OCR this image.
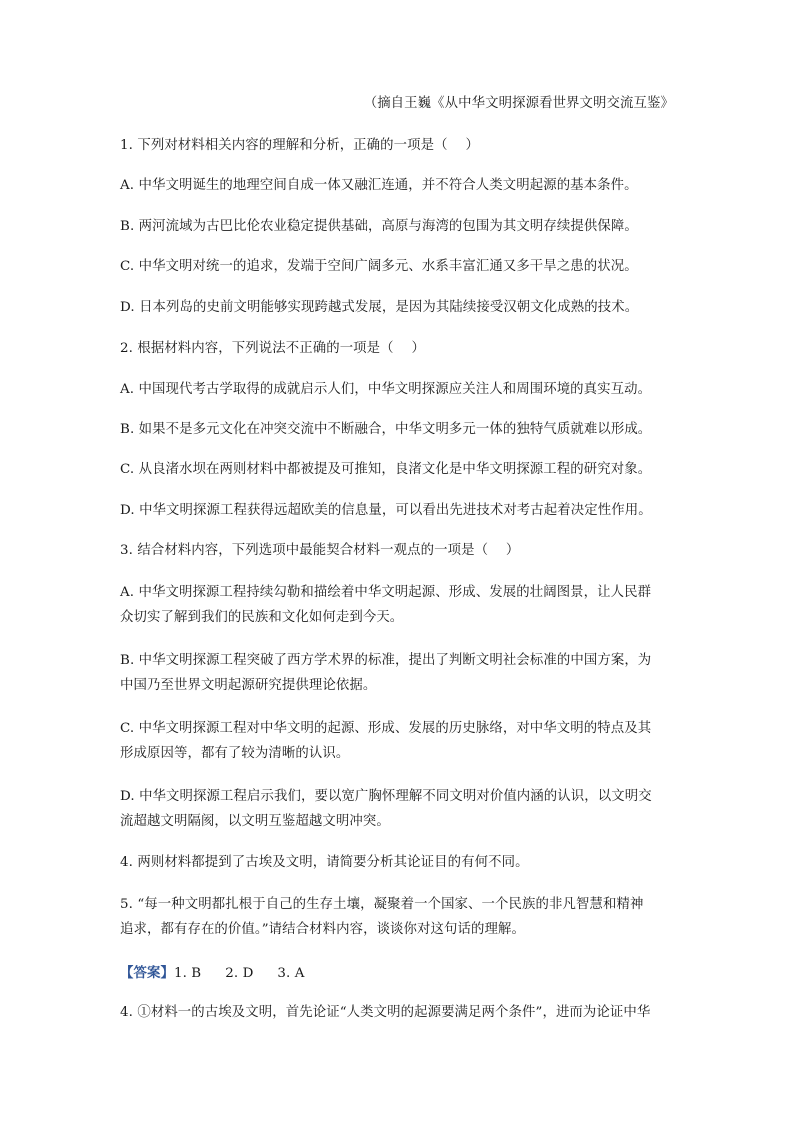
（摘自王巍《从中华文明探源看世界文明交流互鉴》
1. 下列对材料相关内容的理解和分析，正确的一项是（　 ）
A. 中华文明诞生的地理空间自成一体又融汇连通，并不符合人类文明起源的基本条件。
B. 两河流域为古巴比伦农业稳定提供基础，高原与海湾的包围为其文明存续提供保障。
C. 中华文明对统一的追求，发端于空间广阔多元、水系丰富汇通又多干旱之患的状况。
D. 日本列岛的史前文明能够实现跨越式发展，是因为其陆续接受汉朝文化成熟的技术。
2. 根据材料内容，下列说法不正确的一项是（　 ）
A. 中国现代考古学取得的成就启示人们，中华文明探源应关注人和周围环境的真实互动。
B. 如果不是多元文化在冲突交流中不断融合，中华文明多元一体的独特气质就难以形成。
C. 从良渚水坝在两则材料中都被提及可推知，良渚文化是中华文明探源工程的研究对象。
D. 中华文明探源工程获得远超欧美的信息量，可以看出先进技术对考古起着决定性作用。
3. 结合材料内容，下列选项中最能契合材料一观点的一项是（　 ）
A. 中华文明探源工程持续勾勒和描绘着中华文明起源、形成、发展的壮阔图景，让人民群
众切实了解到我们的民族和文化如何走到今天。
B. 中华文明探源工程突破了西方学术界的标准，提出了判断文明社会标准的中国方案，为
中国乃至世界文明起源研究提供理论依据。
C. 中华文明探源工程对中华文明的起源、形成、发展的历史脉络，对中华文明的特点及其
形成原因等，都有了较为清晰的认识。
D. 中华文明探源工程启示我们，要以宽广胸怀理解不同文明对价值内涵的认识，以文明交
流超越文明隔阂，以文明互鉴超越文明冲突。
4. 两则材料都提到了古埃及文明，请简要分析其论证目的有何不同。
5. “每一种文明都扎根于自己的生存土壤，凝聚着一个国家、一个民族的非凡智慧和精神
追求，都有存在的价值。”请结合材料内容，谈谈你对这句话的理解。
【答案】1. B 2. D 3. A
4. ①材料一的古埃及文明，首先论证“人类文明的起源要满足两个条件”，进而为论证中华
